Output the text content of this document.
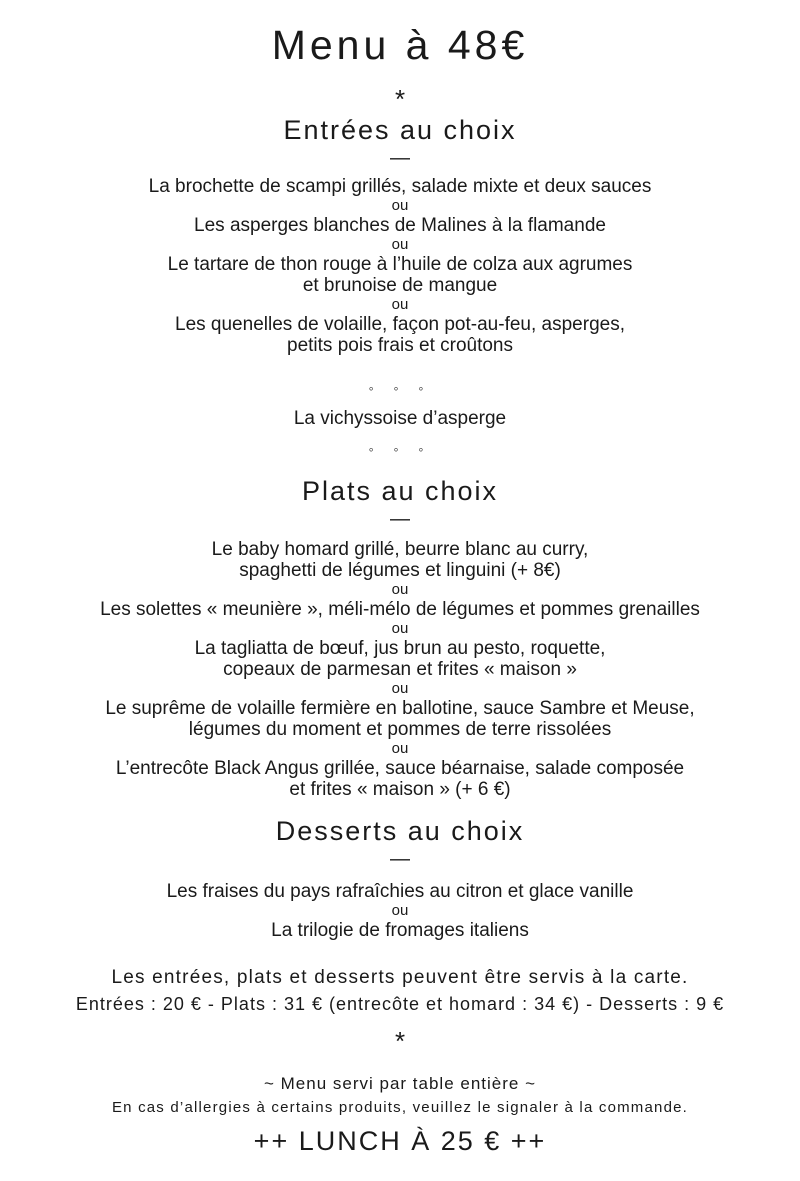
Menu à 48€
*
Entrées au choix
—
La brochette de scampi grillés, salade mixte et deux sauces
ou
Les asperges blanches de Malines à la flamande
ou
Le tartare de thon rouge à l’huile de colza aux agrumes
et brunoise de mangue
ou
Les quenelles de volaille, façon pot-au-feu, asperges,
petits pois frais et croûtons
◦ ◦ ◦
La vichyssoise d’asperge
◦ ◦ ◦
Plats au choix
—
Le baby homard grillé, beurre blanc au curry,
spaghetti de légumes et linguini (+ 8€)
ou
Les solettes « meunière », méli-mélo de légumes et pommes grenailles
ou
La tagliatta de bœuf, jus brun au pesto, roquette,
copeaux de parmesan et frites « maison »
ou
Le suprême de volaille fermière en ballotine, sauce Sambre et Meuse,
légumes du moment et pommes de terre rissolées
ou
L’entrecôte Black Angus grillée, sauce béarnaise, salade composée
et frites « maison » (+ 6 €)
Desserts au choix
—
Les fraises du pays rafraîchies au citron et glace vanille
ou
La trilogie de fromages italiens
Les entrées, plats et desserts peuvent être servis à la carte.
Entrées : 20 € - Plats : 31 € (entrecôte et homard : 34 €) - Desserts : 9 €
*
~ Menu servi par table entière ~
En cas d’allergies à certains produits, veuillez le signaler à la commande.
++ LUNCH À 25 € ++
